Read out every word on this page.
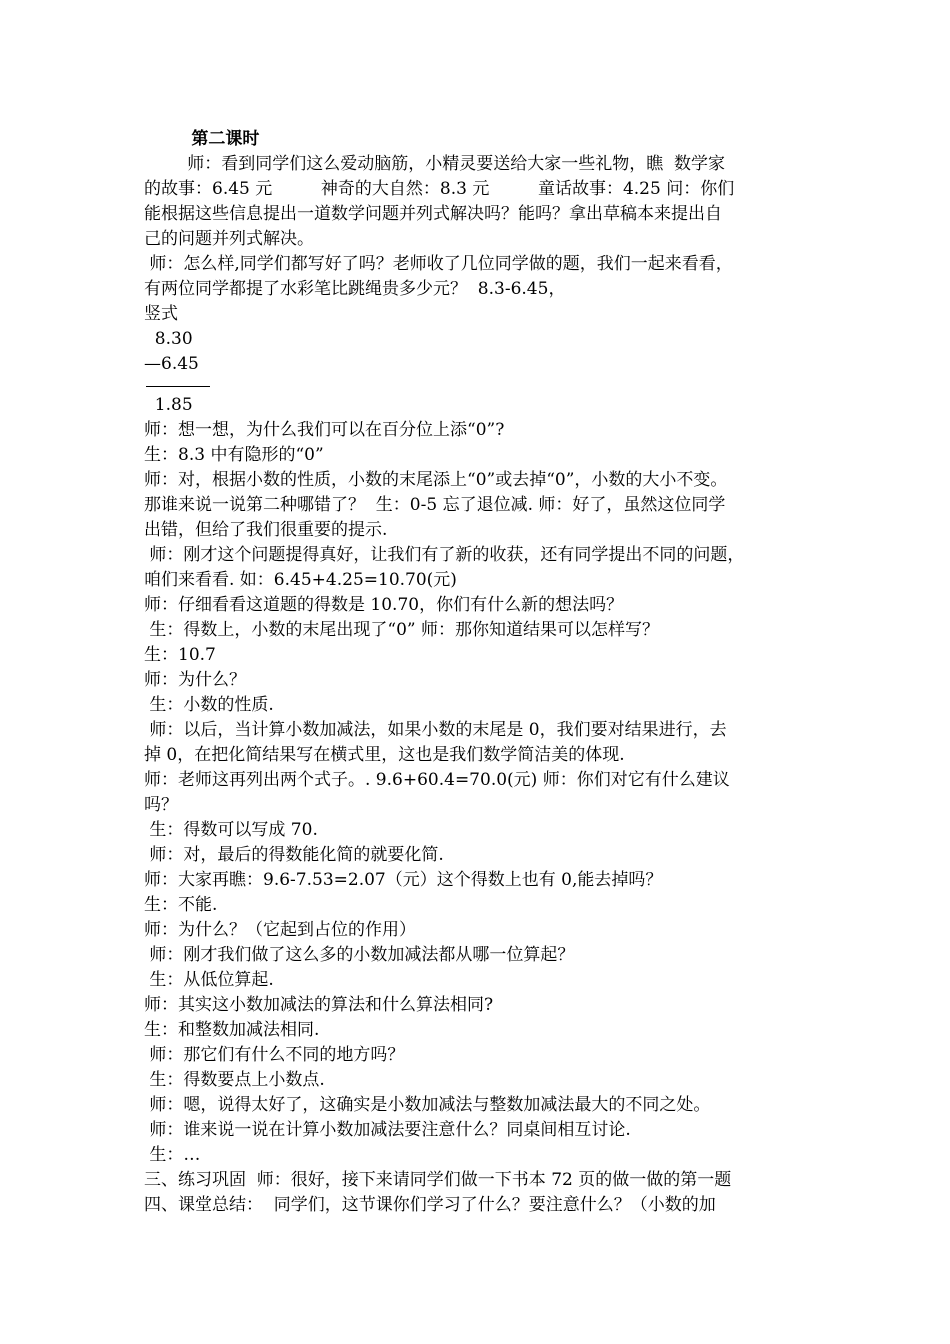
第二课时
师：看到同学们这么爱动脑筋，小精灵要送给大家一些礼物，瞧  数学家
的故事：6.45 元         神奇的大自然：8.3 元         童话故事：4.25 问：你们
能根据这些信息提出一道数学问题并列式解决吗？能吗？拿出草稿本来提出自
己的问题并列式解决。
师：怎么样,同学们都写好了吗？老师收了几位同学做的题，我们一起来看看，
有两位同学都提了水彩笔比跳绳贵多少元？  8.3-6.45，
竖式
8.30
—6.45
1.85
师：想一想，为什么我们可以在百分位上添“0”?
生：8.3 中有隐形的“0”
师：对，根据小数的性质，小数的末尾添上“0”或去掉“0”，小数的大小不变。
那谁来说一说第二种哪错了？  生：0-5 忘了退位减. 师：好了，虽然这位同学
出错，但给了我们很重要的提示.
师：刚才这个问题提得真好，让我们有了新的收获，还有同学提出不同的问题，
咱们来看看. 如：6.45+4.25=10.70(元)
师：仔细看看这道题的得数是 10.70，你们有什么新的想法吗？
生：得数上，小数的末尾出现了“0” 师：那你知道结果可以怎样写？
生：10.7
师：为什么？
生：小数的性质.
师：以后，当计算小数加减法，如果小数的末尾是 0，我们要对结果进行，去
掉 0，在把化简结果写在横式里，这也是我们数学简洁美的体现.
师：老师这再列出两个式子。. 9.6+60.4=70.0(元) 师：你们对它有什么建议
吗？
生：得数可以写成 70.
师：对，最后的得数能化简的就要化简.
师：大家再瞧：9.6-7.53=2.07（元）这个得数上也有 0,能去掉吗？
生：不能.
师：为什么？（它起到占位的作用）
师：刚才我们做了这么多的小数加减法都从哪一位算起？
生：从低位算起.
师：其实这小数加减法的算法和什么算法相同?
生：和整数加减法相同.
师：那它们有什么不同的地方吗？
生：得数要点上小数点.
师：嗯，说得太好了，这确实是小数加减法与整数加减法最大的不同之处。
师：谁来说一说在计算小数加减法要注意什么？同桌间相互讨论.
生：…
三、练习巩固  师：很好，接下来请同学们做一下书本 72 页的做一做的第一题
四、课堂总结：  同学们，这节课你们学习了什么？要注意什么？（小数的加
